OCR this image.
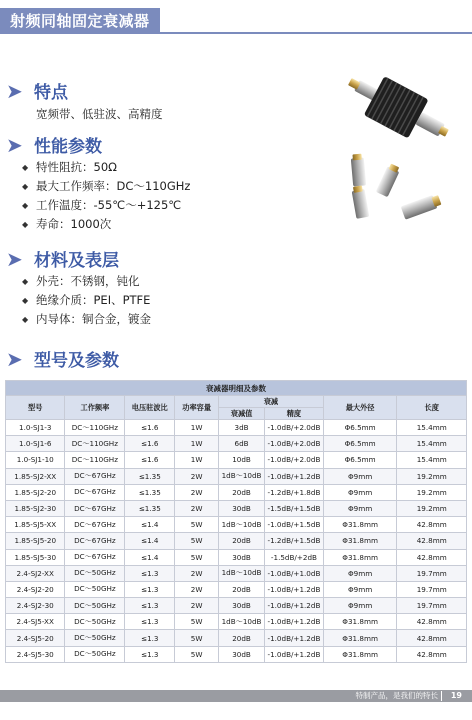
射频同轴固定衰减器
➤ 特点
宽频带、低驻波、高精度
➤ 性能参数
◆ 特性阻抗：50Ω
◆ 最大工作频率：DC～110GHz
◆ 工作温度：-55℃～+125℃
◆ 寿命：1000次
➤ 材料及表层
◆ 外壳：不锈钢，钝化
◆ 绝缘介质：PEI、PTFE
◆ 内导体：铜合金，镀金
➤ 型号及参数
衰减器明细及参数							
型号	工作频率	电压驻波比	功率容量	衰减		最大外径	长度
				衰减值	精度		
1.0-SJ1-3	DC～110GHz	≤1.6	1W	3dB	-1.0dB/+2.0dB	Φ6.5mm	15.4mm
1.0-SJ1-6	DC～110GHz	≤1.6	1W	6dB	-1.0dB/+2.0dB	Φ6.5mm	15.4mm
1.0-SJ1-10	DC～110GHz	≤1.6	1W	10dB	-1.0dB/+2.0dB	Φ6.5mm	15.4mm
1.85-SJ2-XX	DC～67GHz	≤1.35	2W	1dB～10dB	-1.0dB/+1.2dB	Φ9mm	19.2mm
1.85-SJ2-20	DC～67GHz	≤1.35	2W	20dB	-1.2dB/+1.8dB	Φ9mm	19.2mm
1.85-SJ2-30	DC～67GHz	≤1.35	2W	30dB	-1.5dB/+1.5dB	Φ9mm	19.2mm
1.85-SJ5-XX	DC～67GHz	≤1.4	5W	1dB～10dB	-1.0dB/+1.5dB	Φ31.8mm	42.8mm
1.85-SJ5-20	DC～67GHz	≤1.4	5W	20dB	-1.2dB/+1.5dB	Φ31.8mm	42.8mm
1.85-SJ5-30	DC～67GHz	≤1.4	5W	30dB	-1.5dB/+2dB	Φ31.8mm	42.8mm
2.4-SJ2-XX	DC～50GHz	≤1.3	2W	1dB～10dB	-1.0dB/+1.0dB	Φ9mm	19.7mm
2.4-SJ2-20	DC～50GHz	≤1.3	2W	20dB	-1.0dB/+1.2dB	Φ9mm	19.7mm
2.4-SJ2-30	DC～50GHz	≤1.3	2W	30dB	-1.0dB/+1.2dB	Φ9mm	19.7mm
2.4-SJ5-XX	DC～50GHz	≤1.3	5W	1dB～10dB	-1.0dB/+1.2dB	Φ31.8mm	42.8mm
2.4-SJ5-20	DC～50GHz	≤1.3	5W	20dB	-1.0dB/+1.2dB	Φ31.8mm	42.8mm
2.4-SJ5-30	DC～50GHz	≤1.3	5W	30dB	-1.0dB/+1.2dB	Φ31.8mm	42.8mm
特制产品，是我们的特长 19
